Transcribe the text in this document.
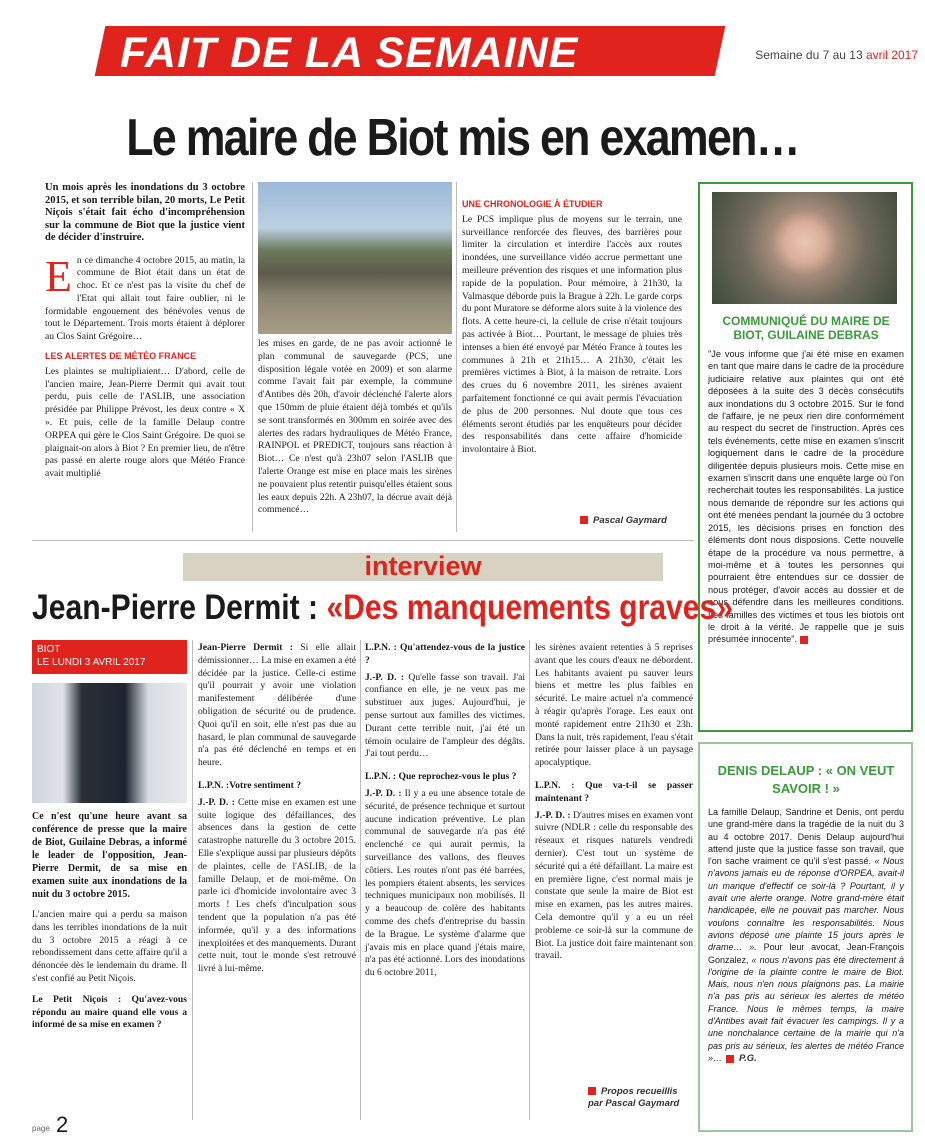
FAIT DE LA SEMAINE	Semaine du 7 au 13 avril 2017
Le maire de Biot mis en examen…

Un mois après les inondations du 3 octobre 2015, et son terrible bilan, 20 morts, Le Petit Niçois s'était fait écho d'incompréhension sur la commune de Biot que la justice vient de décider d'instruire.

En ce dimanche 4 octobre 2015, au matin, la commune de Biot était dans un état de choc. Et ce n'est pas la visite du chef de l'Etat qui allait tout faire oublier, ni le formidable engouement des bénévoles venus de tout le Département. Trois morts étaient à déplorer au Clos Saint Grégoire…

LES ALERTES DE MÉTÉO FRANCE

Les plaintes se multipliaient… D'abord, celle de l'ancien maire, Jean-Pierre Dermit qui avait tout perdu, puis celle de l'ASLIB, une association présidée par Philippe Prévost, les deux contre « X ». Et puis, celle de la famille Delaup contre ORPEA qui gère le Clos Saint Grégoire. De quoi se plaignait-on alors à Biot ? En premier lieu, de n'être pas passé en alerte rouge alors que Météo France avait multiplié

les mises en garde, de ne pas avoir actionné le plan communal de sauvegarde (PCS, une disposition légale votée en 2009) et son alarme comme l'avait fait par exemple, la commune d'Antibes dès 20h, d'avoir déclenché l'alerte alors que 150mm de pluie étaient déjà tombés et qu'ils se sont transformés en 300mm en soirée avec des alertes des radars hydrauliques de Météo France, RAINPOL et PREDICT, toujours sans réaction à Biot… Ce n'est qu'à 23h07 selon l'ASLIB que l'alerte Orange est mise en place mais les sirènes ne pouvaient plus retentir puisqu'elles étaient sous les eaux depuis 22h. A 23h07, la décrue avait déjà commencé…

UNE CHRONOLOGIE À ÉTUDIER

Le PCS implique plus de moyens sur le terrain, une surveillance renforcée des fleuves, des barrières pour limiter la circulation et interdire l'accès aux routes inondées, une surveillance vidéo accrue permettant une meilleure prévention des risques et une information plus rapide de la population. Pour mémoire, à 21h30, la Valmasque déborde puis la Brague à 22h. Le garde corps du pont Muratore se déforme alors suite à la violence des flots. A cette heure-ci, la cellule de crise n'était toujours pas activée à Biot… Pourtant, le message de pluies très intenses a bien été envoyé par Météo France à toutes les communes à 21h et 21h15… A 21h30, c'était les premières victimes à Biot, à la maison de retraite. Lors des crues du 6 novembre 2011, les sirènes avaient parfaitement fonctionné ce qui avait permis l'évacuation de plus de 200 personnes. Nul doute que tous ces éléments seront étudiés par les enquêteurs pour décider des responsabilités dans cette affaire d'homicide involontaire à Biot.

Pascal Gaymard
COMMUNIQUÉ DU MAIRE DE BIOT, GUILAINE DEBRAS
"Je vous informe que j'ai été mise en examen en tant que maire dans le cadre de la procédure judiciaire relative aux plaintes qui ont été déposées à la suite des 3 décès consécutifs aux inondations du 3 octobre 2015. Sur le fond de l'affaire, je ne peux rien dire conformément au respect du secret de l'instruction. Après ces tels événements, cette mise en examen s'inscrit logiquement dans le cadre de la procédure diligentée depuis plusieurs mois. Cette mise en examen s'inscrit dans une enquête large où l'on recherchait toutes les responsabilités. La justice nous demande de répondre sur les actions qui ont été menées pendant la journée du 3 octobre 2015, les décisions prises en fonction des éléments dont nous disposions. Cette nouvelle étape de la procédure va nous permettre, à moi-même et à toutes les personnes qui pourraient être entendues sur ce dossier de nous protéger, d'avoir accès au dossier et de nous défendre dans les meilleures conditions. Les familles des victimes et tous les biotois ont le droit à la vérité. Je rappelle que je suis présumée innocente".
DENIS DELAUP : « ON VEUT SAVOIR ! »
La famille Delaup, Sandrine et Denis, ont perdu une grand-mère dans la tragédie de la nuit du 3 au 4 octobre 2017. Denis Delaup aujourd'hui attend juste que la justice fasse son travail, que l'on sache vraiment ce qu'il s'est passé. « Nous n'avons jamais eu de réponse d'ORPEA, avait-il un manque d'effectif ce soir-là ? Pourtant, il y avait une alerte orange. Notre grand-mère était handicapée, elle ne pouvait pas marcher. Nous voulons connaître les responsabilités. Nous avions déposé une plainte 15 jours après le drame… ». Pour leur avocat, Jean-François Gonzalez, « nous n'avons pas été directement à l'origine de la plainte contre le maire de Biot. Mais, nous n'en nous plaignons pas. La mairie n'a pas pris au sérieux les alertes de météo France. Nous le mêmes temps, la maire d'Antibes avait fait évacuer les campings. Il y a une nonchalance certaine de la mairie qui n'a pas pris au sérieux, les alertes de météo France »… P.G.
interview
Jean-Pierre Dermit : «Des manquements graves»
BIOT
LE LUNDI 3 AVRIL 2017

Ce n'est qu'une heure avant sa conférence de presse que la maire de Biot, Guilaine Debras, a informé le leader de l'opposition, Jean-Pierre Dermit, de sa mise en examen suite aux inondations de la nuit du 3 octobre 2015.

L'ancien maire qui a perdu sa maison dans les terribles inondations de la nuit du 3 octobre 2015 a réagi à ce rebondissement dans cette affaire qu'il a dénoncée dès le lendemain du drame. Il s'est confié au Petit Niçois.

Le Petit Niçois : Qu'avez-vous répondu au maire quand elle vous a informé de sa mise en examen ?

Jean-Pierre Dermit : Si elle allait démissionner… La mise en examen a été décidée par la justice. Celle-ci estime qu'il pourrait y avoir une violation manifestement délibérée d'une obligation de sécurité ou de prudence. Quoi qu'il en soit, elle n'est pas due au hasard, le plan communal de sauvegarde n'a pas été déclenché en temps et en heure.

L.P.N. :Votre sentiment ?

J.-P. D. : Cette mise en examen est une suite logique des défaillances, des absences dans la gestion de cette catastrophe naturelle du 3 octobre 2015. Elle s'explique aussi par plusieurs dépôts de plaintes, celle de l'ASLIB, de la famille Delaup, et de moi-même. On parle ici d'homicide involontaire avec 3 morts ! Les chefs d'inculpation sous tendent que la population n'a pas été informée, qu'il y a des informations inexploitées et des manquements. Durant cette nuit, tout le monde s'est retrouvé livré à lui-même.

L.P.N. : Qu'attendez-vous de la justice ?

J.-P. D. : Qu'elle fasse son travail. J'ai confiance en elle, je ne veux pas me substituer aux juges. Aujourd'hui, je pense surtout aux familles des victimes. Durant cette terrible nuit, j'ai été un témoin oculaire de l'ampleur des dégâts. J'ai tout perdu…

L.P.N. : Que reprochez-vous le plus ?

J.-P. D. : Il y a eu une absence totale de sécurité, de présence technique et surtout aucune indication préventive. Le plan communal de sauvegarde n'a pas été enclenché ce qui aurait permis, la surveillance des vallons, des fleuves côtiers. Les routes n'ont pas été barrées, les pompiers étaient absents, les services techniques municipaux non mobilisés. Il y a beaucoup de colère des habitants comme des chefs d'entreprise du bassin de la Brague. Le système d'alarme que j'avais mis en place quand j'étais maire, n'a pas été actionné. Lors des inondations du 6 octobre 2011,

les sirènes avaient retenties à 5 reprises avant que les cours d'eaux ne débordent. Les habitants avaient pu sauver leurs biens et mettre les plus faibles en sécurité. Le maire actuel n'a commencé à réagir qu'après l'orage. Les eaux ont monté rapidement entre 21h30 et 23h. Dans la nuit, très rapidement, l'eau s'était retirée pour laisser place à un paysage apocalyptique.

L.P.N. : Que va-t-il se passer maintenant ?

J.-P. D. : D'autres mises en examen vont suivre (NDLR : celle du responsable des réseaux et risques naturels vendredi dernier). C'est tout un système de sécurité qui a été défaillant. La maire est en première ligne, c'est normal mais je constate que seule la maire de Biot est mise en examen, pas les autres maires. Cela demontre qu'il y a eu un réel probleme ce soir-là sur la commune de Biot. La justice doit faire maintenant son travail.

Propos recueillis
par Pascal Gaymard
page 2
